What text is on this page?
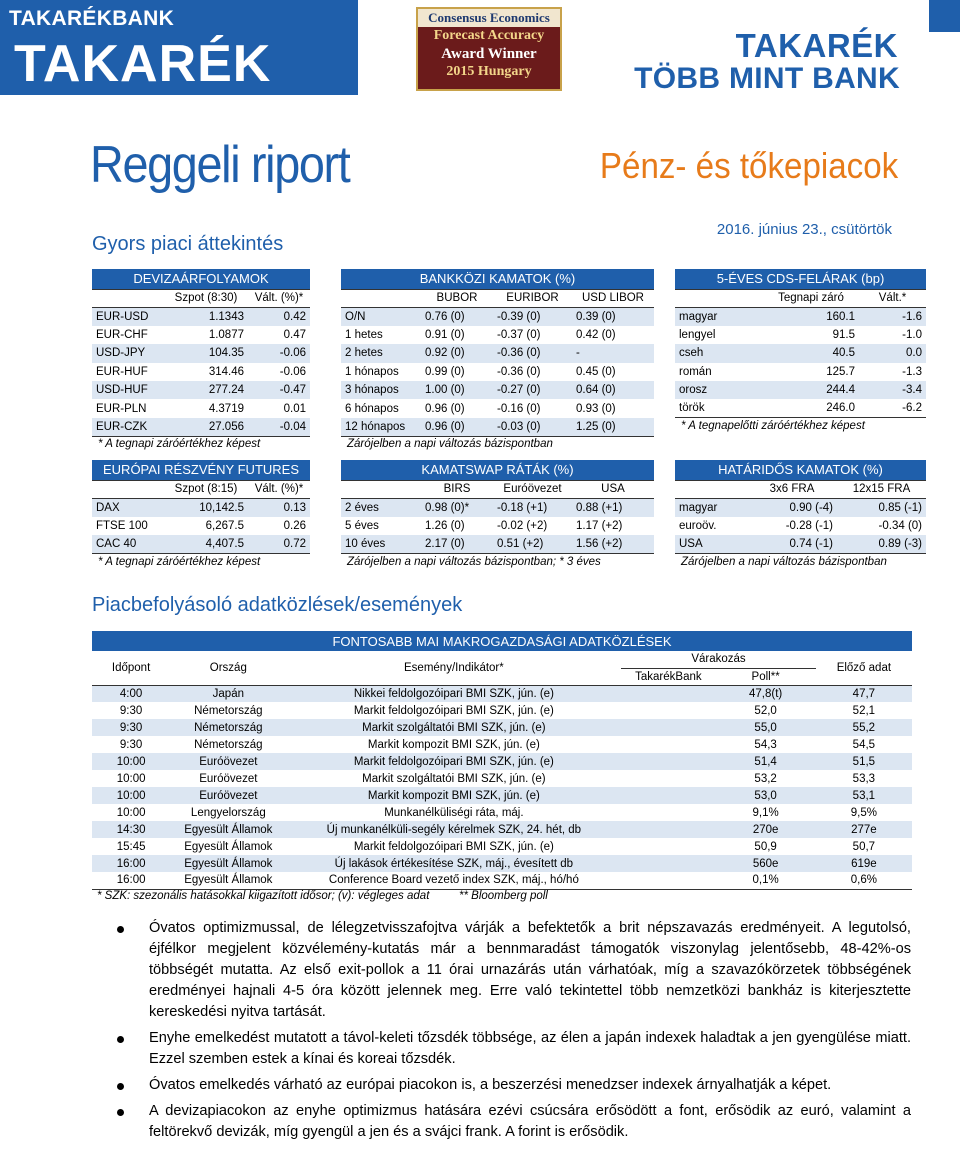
TAKARÉKBANK
TAKARÉK
Consensus Economics
Forecast Accuracy
Award Winner
2015 Hungary
TAKARÉK
TÖBB MINT BANK
Reggeli riport	Pénz- és tőkepiacok
2016. június 23., csütörtök
Gyors piaci áttekintés
DEVIZAÁRFOLYAMOK		
	Szpot (8:30)	Vált. (%)*
EUR-USD	1.1343	0.42
EUR-CHF	1.0877	0.47
USD-JPY	104.35	-0.06
EUR-HUF	314.46	-0.06
USD-HUF	277.24	-0.47
EUR-PLN	4.3719	0.01
EUR-CZK	27.056	-0.04
* A tegnapi záróértékhez képest
BANKKÖZI KAMATOK (%)			
	BUBOR	EURIBOR	USD LIBOR
O/N	0.76 (0)	-0.39 (0)	0.39 (0)
1 hetes	0.91 (0)	-0.37 (0)	0.42 (0)
2 hetes	0.92 (0)	-0.36 (0)	-
1 hónapos	0.99 (0)	-0.36 (0)	0.45 (0)
3 hónapos	1.00 (0)	-0.27 (0)	0.64 (0)
6 hónapos	0.96 (0)	-0.16 (0)	0.93 (0)
12 hónapos	0.96 (0)	-0.03 (0)	1.25 (0)
Zárójelben a napi változás bázispontban
5-ÉVES CDS-FELÁRAK (bp)		
	Tegnapi záró	Vált.*
magyar	160.1	-1.6
lengyel	91.5	-1.0
cseh	40.5	0.0
román	125.7	-1.3
orosz	244.4	-3.4
török	246.0	-6.2
* A tegnapelőtti záróértékhez képest
EURÓPAI RÉSZVÉNY FUTURES		
	Szpot (8:15)	Vált. (%)*
DAX	10,142.5	0.13
FTSE 100	6,267.5	0.26
CAC 40	4,407.5	0.72
* A tegnapi záróértékhez képest
KAMATSWAP RÁTÁK (%)			
	BIRS	Euróövezet	USA
2 éves	0.98 (0)*	-0.18 (+1)	0.88 (+1)
5 éves	1.26 (0)	-0.02 (+2)	1.17 (+2)
10 éves	2.17 (0)	0.51 (+2)	1.56 (+2)
Zárójelben a napi változás bázispontban; * 3 éves
HATÁRIDŐS KAMATOK (%)		
	3x6 FRA	12x15 FRA
magyar	0.90 (-4)	0.85 (-1)
euroöv.	-0.28 (-1)	-0.34 (0)
USA	0.74 (-1)	0.89 (-3)
Zárójelben a napi változás bázispontban
Piacbefolyásoló adatközlések/események
FONTOSABB MAI MAKROGAZDASÁGI ADATKÖZLÉSEK					
Időpont	Ország	Esemény/Indikátor*	Várakozás		Előző adat
			TakarékBank	Poll**	
4:00	Japán	Nikkei feldolgozóipari BMI SZK, jún. (e)		47,8(t)	47,7
9:30	Németország	Markit feldolgozóipari BMI SZK, jún. (e)		52,0	52,1
9:30	Németország	Markit szolgáltatói BMI SZK, jún. (e)		55,0	55,2
9:30	Németország	Markit kompozit BMI SZK, jún. (e)		54,3	54,5
10:00	Euróövezet	Markit feldolgozóipari BMI SZK, jún. (e)		51,4	51,5
10:00	Euróövezet	Markit szolgáltatói BMI SZK, jún. (e)		53,2	53,3
10:00	Euróövezet	Markit kompozit BMI SZK, jún. (e)		53,0	53,1
10:00	Lengyelország	Munkanélküliségi ráta, máj.		9,1%	9,5%
14:30	Egyesült Államok	Új munkanélküli-segély kérelmek SZK, 24. hét, db		270e	277e
15:45	Egyesült Államok	Markit feldolgozóipari BMI SZK, jún. (e)		50,9	50,7
16:00	Egyesült Államok	Új lakások értékesítése SZK, máj., évesített db		560e	619e
16:00	Egyesült Államok	Conference Board vezető index SZK, máj., hó/hó		0,1%	0,6%
* SZK: szezonális hatásokkal kiigazított idősor; (v): végleges adat	** Bloomberg poll
Óvatos optimizmussal, de lélegzetvisszafojtva várják a befektetők a brit népszavazás eredményeit. A legutolsó, éjfélkor megjelent közvélemény-kutatás már a bennmaradást támogatók viszonylag jelentősebb, 48-42%-os többségét mutatta. Az első exit-pollok a 11 órai urnazárás után várhatóak, míg a szavazókörzetek többségének eredményei hajnali 4-5 óra között jelennek meg. Erre való tekintettel több nemzetközi bankház is kiterjesztette kereskedési nyitva tartását.
Enyhe emelkedést mutatott a távol-keleti tőzsdék többsége, az élen a japán indexek haladtak a jen gyengülése miatt. Ezzel szemben estek a kínai és koreai tőzsdék.
Óvatos emelkedés várható az európai piacokon is, a beszerzési menedzser indexek árnyalhatják a képet.
A devizapiacokon az enyhe optimizmus hatására ezévi csúcsára erősödött a font, erősödik az euró, valamint a feltörekvő devizák, míg gyengül a jen és a svájci frank. A forint is erősödik.
